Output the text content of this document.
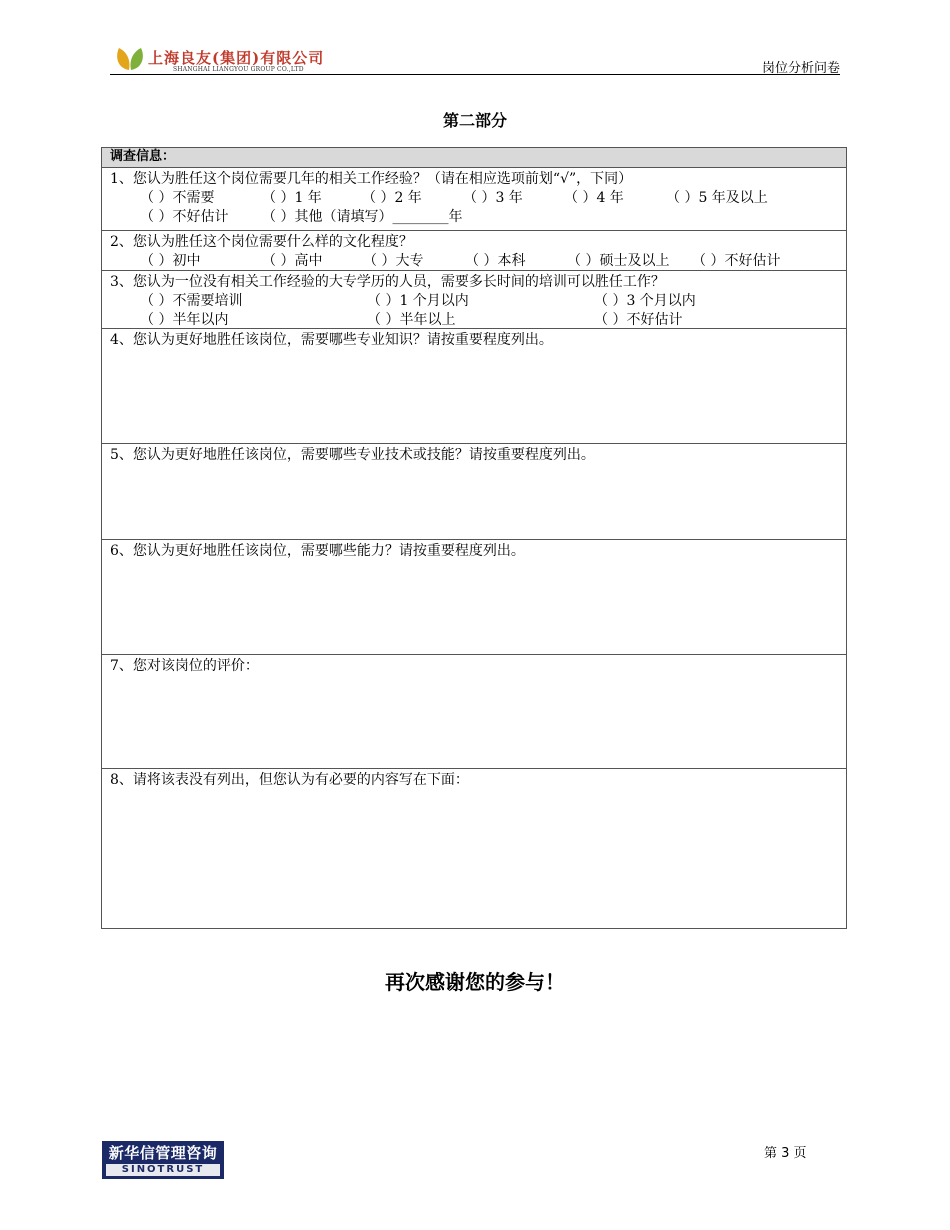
上海良友(集团)有限公司
SHANGHAI LIANGYOU GROUP CO.,LTD	岗位分析问卷
第二部分
调查信息：
1、您认为胜任这个岗位需要几年的相关工作经验？（请在相应选项前划“√”，下同）
（ ）不需要	（ ）1 年	（ ）2 年	（ ）3 年	（ ）4 年	（ ）5 年及以上
（ ）不好估计 （ ）其他（请填写）________年
2、您认为胜任这个岗位需要什么样的文化程度？
（ ）初中	（ ）高中	（ ）大专	（ ）本科	（ ）硕士及以上 （ ）不好估计
3、您认为一位没有相关工作经验的大专学历的人员，需要多长时间的培训可以胜任工作？
（ ）不需要培训	（ ）1 个月以内	（ ）3 个月以内
（ ）半年以内	（ ）半年以上	（ ）不好估计
4、您认为更好地胜任该岗位，需要哪些专业知识？请按重要程度列出。
5、您认为更好地胜任该岗位，需要哪些专业技术或技能？请按重要程度列出。
6、您认为更好地胜任该岗位，需要哪些能力？请按重要程度列出。
7、您对该岗位的评价：
8、请将该表没有列出，但您认为有必要的内容写在下面：
再次感谢您的参与！
新华信管理咨询
SINOTRUST
第 3 页
